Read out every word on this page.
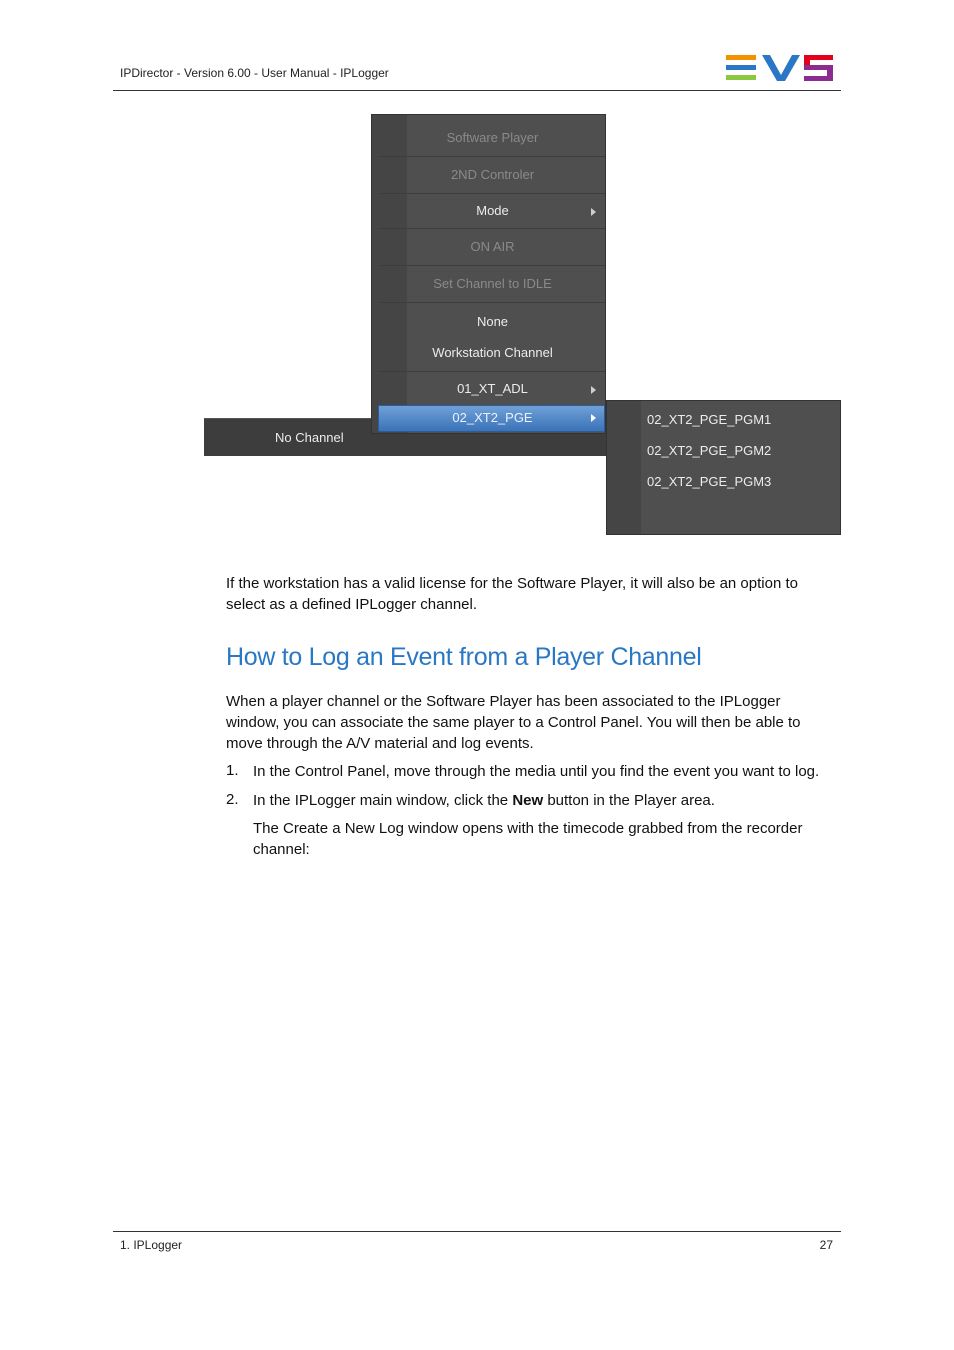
IPDirector - Version 6.00 - User Manual - IPLogger
No Channel
Software Player
2ND Controler
Mode
ON AIR
Set Channel to IDLE
None
Workstation Channel
01_XT_ADL
02_XT2_PGE	02_XT2_PGE_PGM1
02_XT2_PGE_PGM2
02_XT2_PGE_PGM3
If the workstation has a valid license for the Software Player, it will also be an option to select as a defined IPLogger channel.
How to Log an Event from a Player Channel
When a player channel or the Software Player has been associated to the IPLogger window, you can associate the same player to a Control Panel. You will then be able to move through the A/V material and log events.
1. In the Control Panel, move through the media until you find the event you want to log.
2. In the IPLogger main window, click the New button in the Player area.
The Create a New Log window opens with the timecode grabbed from the recorder channel:
1. IPLogger	27
